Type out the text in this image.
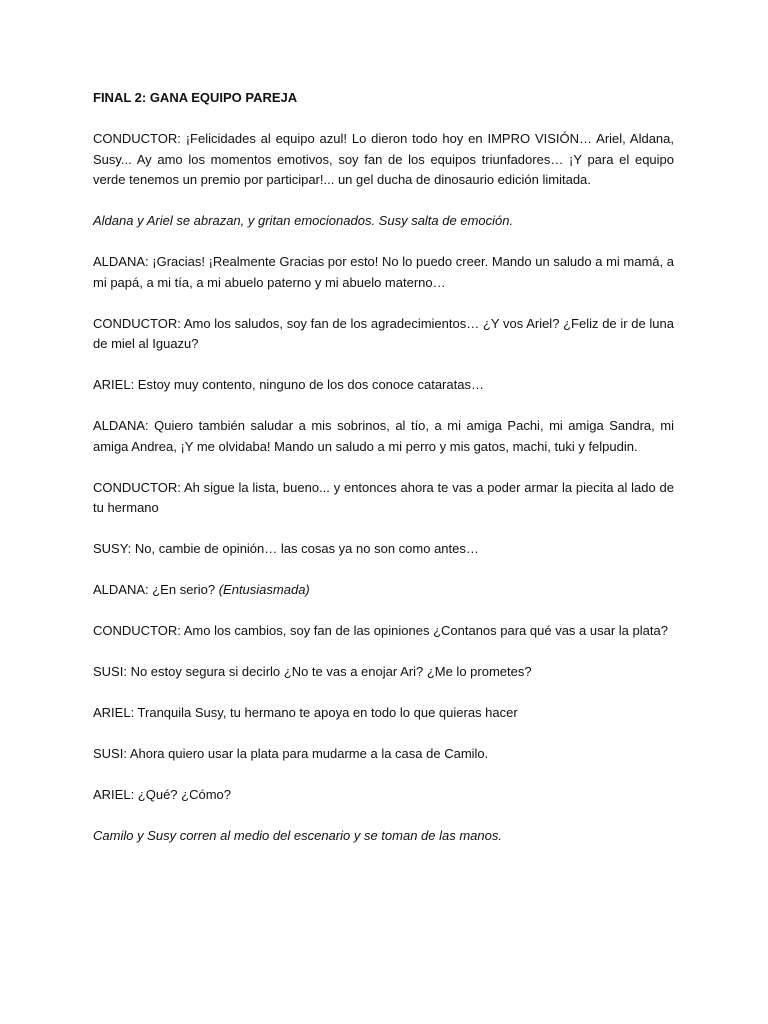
FINAL 2: GANA EQUIPO PAREJA

CONDUCTOR: ¡Felicidades al equipo azul! Lo dieron todo hoy en IMPRO VISIÓN… Ariel, Aldana, Susy... Ay amo los momentos emotivos, soy fan de los equipos triunfadores… ¡Y para el equipo verde tenemos un premio por participar!... un gel ducha de dinosaurio edición limitada.

Aldana y Ariel se abrazan, y gritan emocionados. Susy salta de emoción.

ALDANA: ¡Gracias! ¡Realmente Gracias por esto! No lo puedo creer. Mando un saludo a mi mamá, a mi papá, a mi tía, a mi abuelo paterno y mi abuelo materno…

CONDUCTOR: Amo los saludos, soy fan de los agradecimientos… ¿Y vos Ariel? ¿Feliz de ir de luna de miel al Iguazu?

ARIEL: Estoy muy contento, ninguno de los dos conoce cataratas…

ALDANA: Quiero también saludar a mis sobrinos, al tío, a mi amiga Pachi, mi amiga Sandra, mi amiga Andrea, ¡Y me olvidaba! Mando un saludo a mi perro y mis gatos, machi, tuki y felpudin.

CONDUCTOR: Ah sigue la lista, bueno... y entonces ahora te vas a poder armar la piecita al lado de tu hermano

SUSY: No, cambie de opinión… las cosas ya no son como antes…

ALDANA: ¿En serio? (Entusiasmada)

CONDUCTOR: Amo los cambios, soy fan de las opiniones ¿Contanos para qué vas a usar la plata?

SUSI: No estoy segura si decirlo ¿No te vas a enojar Ari? ¿Me lo prometes?

ARIEL: Tranquila Susy, tu hermano te apoya en todo lo que quieras hacer

SUSI: Ahora quiero usar la plata para mudarme a la casa de Camilo.

ARIEL: ¿Qué? ¿Cómo?

Camilo y Susy corren al medio del escenario y se toman de las manos.
